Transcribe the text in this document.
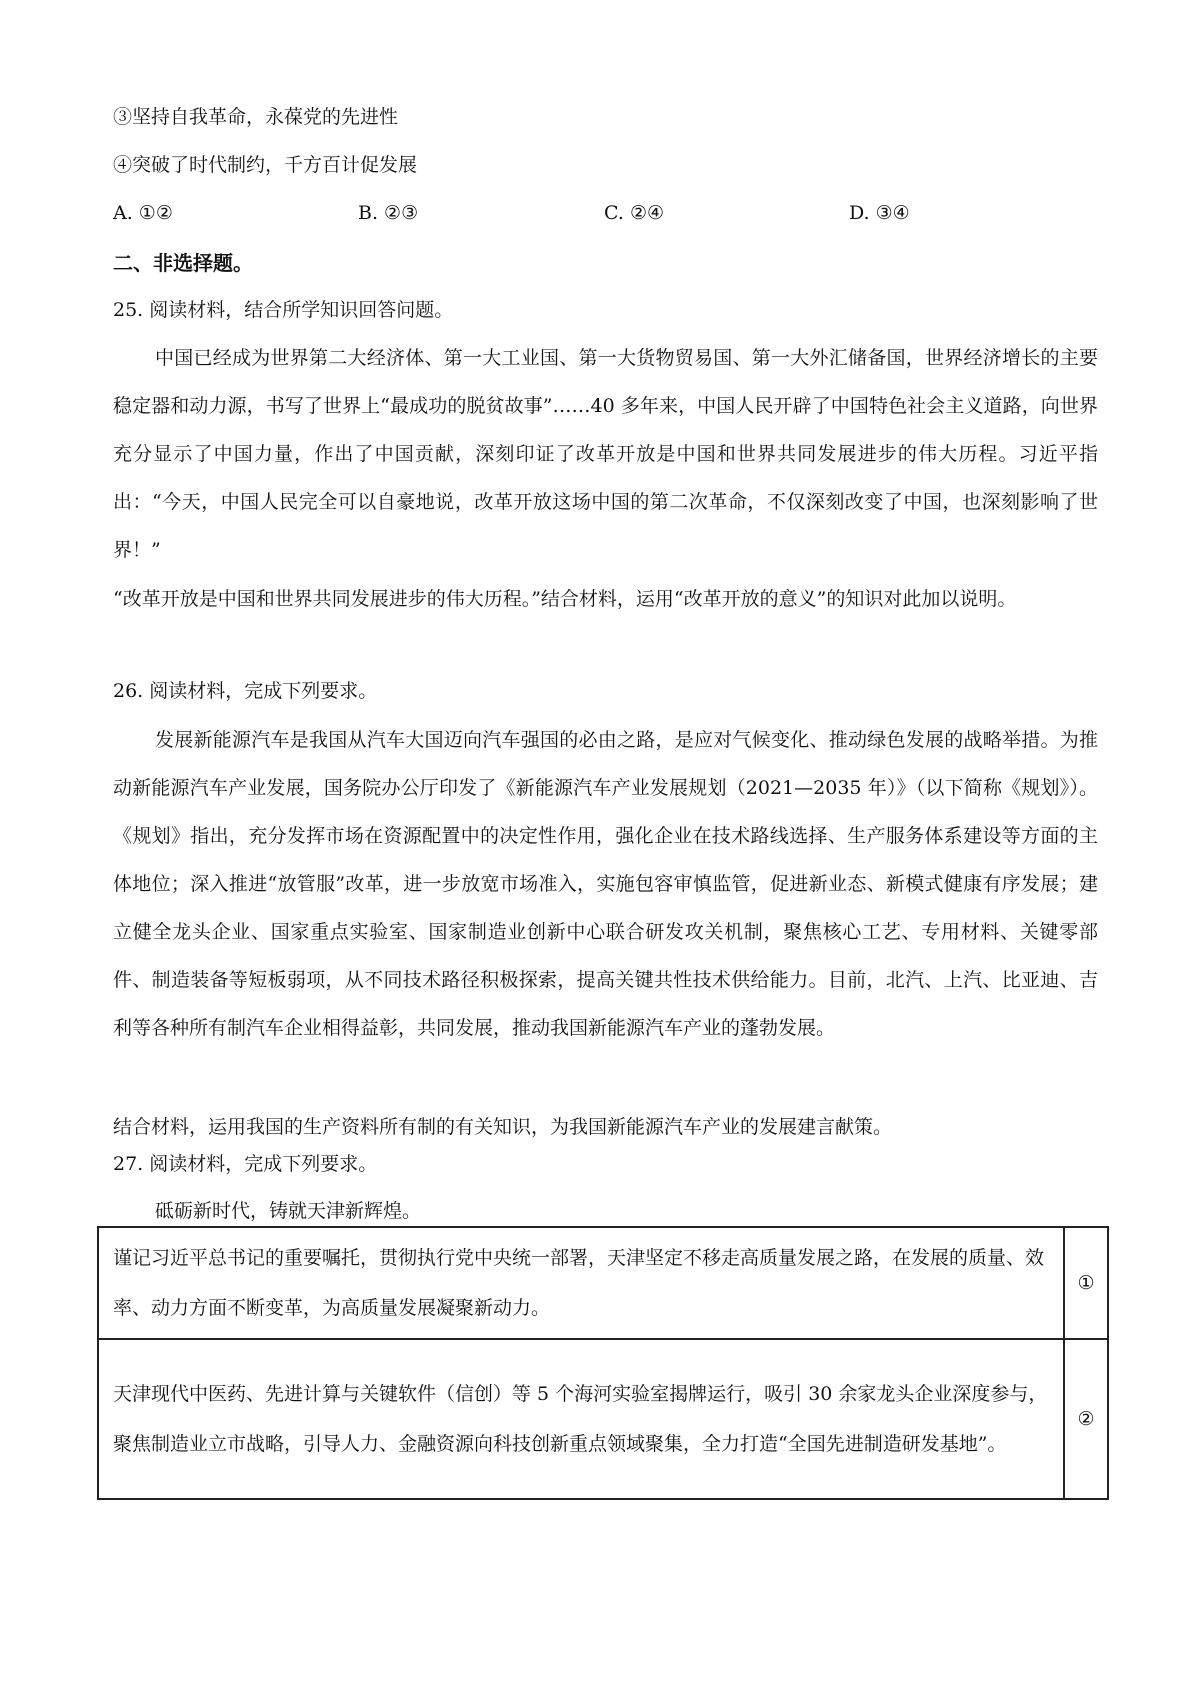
③坚持自我革命，永葆党的先进性
④突破了时代制约，千方百计促发展
A. ①②	B. ②③	C. ②④	D. ③④
二、非选择题。
25. 阅读材料，结合所学知识回答问题。
中国已经成为世界第二大经济体、第一大工业国、第一大货物贸易国、第一大外汇储备国，世界经济增长的主要稳定器和动力源，书写了世界上“最成功的脱贫故事”……40 多年来，中国人民开辟了中国特色社会主义道路，向世界充分显示了中国力量，作出了中国贡献，深刻印证了改革开放是中国和世界共同发展进步的伟大历程。习近平指出：“今天，中国人民完全可以自豪地说，改革开放这场中国的第二次革命，不仅深刻改变了中国，也深刻影响了世界！”
“改革开放是中国和世界共同发展进步的伟大历程。”结合材料，运用“改革开放的意义”的知识对此加以说明。
26. 阅读材料，完成下列要求。
发展新能源汽车是我国从汽车大国迈向汽车强国的必由之路，是应对气候变化、推动绿色发展的战略举措。为推动新能源汽车产业发展，国务院办公厅印发了《新能源汽车产业发展规划（2021—2035 年）》（以下简称《规划》）。《规划》指出，充分发挥市场在资源配置中的决定性作用，强化企业在技术路线选择、生产服务体系建设等方面的主体地位；深入推进“放管服”改革，进一步放宽市场准入，实施包容审慎监管，促进新业态、新模式健康有序发展；建立健全龙头企业、国家重点实验室、国家制造业创新中心联合研发攻关机制，聚焦核心工艺、专用材料、关键零部件、制造装备等短板弱项，从不同技术路径积极探索，提高关键共性技术供给能力。目前，北汽、上汽、比亚迪、吉利等各种所有制汽车企业相得益彰，共同发展，推动我国新能源汽车产业的蓬勃发展。
结合材料，运用我国的生产资料所有制的有关知识，为我国新能源汽车产业的发展建言献策。
27. 阅读材料，完成下列要求。
砥砺新时代，铸就天津新辉煌。
谨记习近平总书记的重要嘱托，贯彻执行党中央统一部署，天津坚定不移走高质量发展之路，在发展的质量、效率、动力方面不断变革，为高质量发展凝聚新动力。	①
天津现代中医药、先进计算与关键软件（信创）等 5 个海河实验室揭牌运行，吸引 30 余家龙头企业深度参与，聚焦制造业立市战略，引导人力、金融资源向科技创新重点领域聚集，全力打造“全国先进制造研发基地”。	②
